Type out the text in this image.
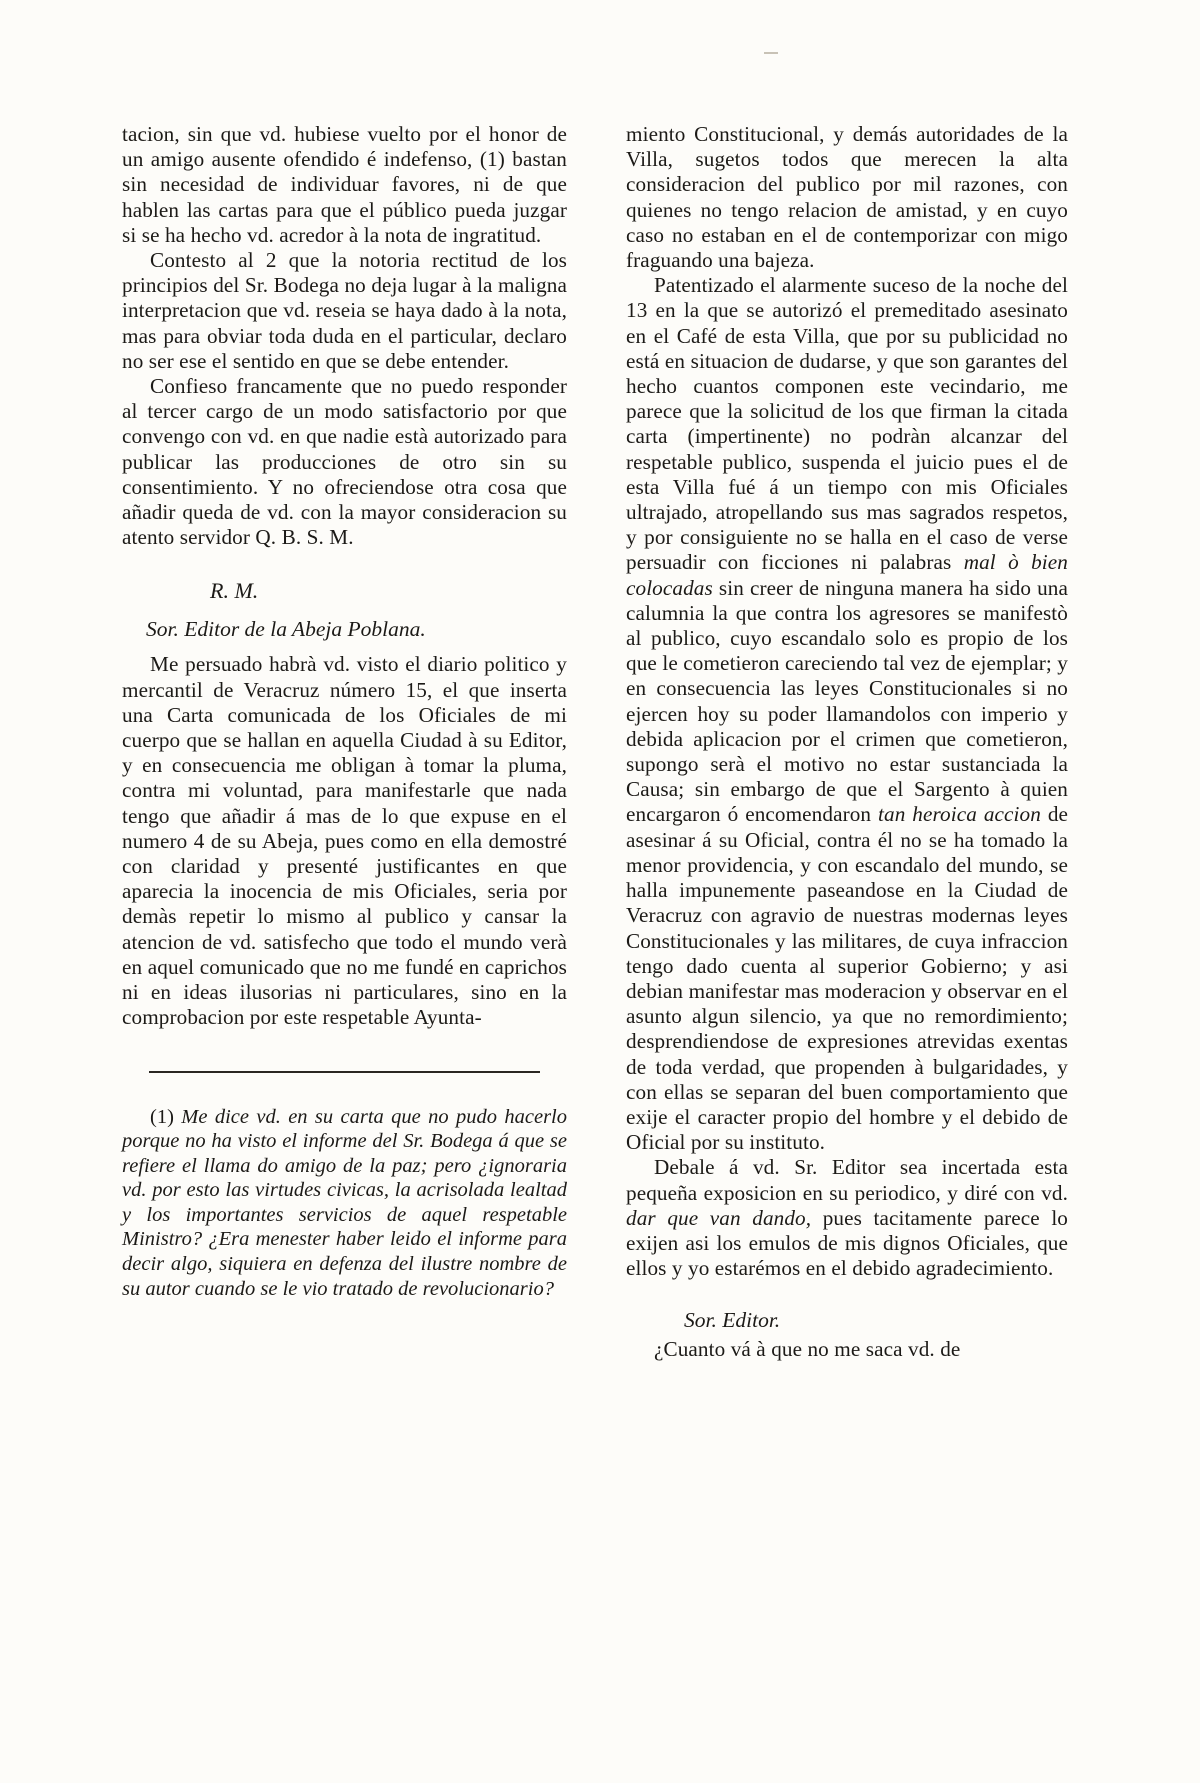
tacion, sin que vd. hubiese vuelto por el honor de un amigo ausente ofendido é indefenso, (1) bastan sin necesidad de individuar favores, ni de que hablen las cartas para que el público pueda juzgar si se ha hecho vd. acredor à la nota de ingratitud.

Contesto al 2 que la notoria rectitud de los principios del Sr. Bodega no deja lugar à la maligna interpretacion que vd. reseia se haya dado à la nota, mas para obviar toda duda en el particular, declaro no ser ese el sentido en que se debe entender.

Confieso francamente que no puedo responder al tercer cargo de un modo satisfactorio por que convengo con vd. en que nadie està autorizado para publicar las producciones de otro sin su consentimiento. Y no ofreciendose otra cosa que añadir queda de vd. con la mayor consideracion su atento servidor Q. B. S. M.

R. M.
Sor. Editor de la Abeja Poblana.

Me persuado habrà vd. visto el diario politico y mercantil de Veracruz número 15, el que inserta una Carta comunicada de los Oficiales de mi cuerpo que se hallan en aquella Ciudad à su Editor, y en consecuencia me obligan à tomar la pluma, contra mi voluntad, para manifestarle que nada tengo que añadir á mas de lo que expuse en el numero 4 de su Abeja, pues como en ella demostré con claridad y presenté justificantes en que aparecia la inocencia de mis Oficiales, seria por demàs repetir lo mismo al publico y cansar la atencion de vd. satisfecho que todo el mundo verà en aquel comunicado que no me fundé en caprichos ni en ideas ilusorias ni particulares, sino en la comprobacion por este respetable Ayunta-

(1) Me dice vd. en su carta que no pudo hacerlo porque no ha visto el informe del Sr. Bodega á que se refiere el llama do amigo de la paz; pero ¿ignoraria vd. por esto las virtudes civicas, la acrisolada lealtad y los importantes servicios de aquel respetable Ministro? ¿Era menester haber leido el informe para decir algo, siquiera en defenza del ilustre nombre de su autor cuando se le vio tratado de revolucionario?

miento Constitucional, y demás autoridades de la Villa, sugetos todos que merecen la alta consideracion del publico por mil razones, con quienes no tengo relacion de amistad, y en cuyo caso no estaban en el de contemporizar con migo fraguando una bajeza.

Patentizado el alarmente suceso de la noche del 13 en la que se autorizó el premeditado asesinato en el Café de esta Villa, que por su publicidad no está en situacion de dudarse, y que son garantes del hecho cuantos componen este vecindario, me parece que la solicitud de los que firman la citada carta (impertinente) no podràn alcanzar del respetable publico, suspenda el juicio pues el de esta Villa fué á un tiempo con mis Oficiales ultrajado, atropellando sus mas sagrados respetos, y por consiguiente no se halla en el caso de verse persuadir con ficciones ni palabras mal ò bien colocadas sin creer de ninguna manera ha sido una calumnia la que contra los agresores se manifestò al publico, cuyo escandalo solo es propio de los que le cometieron careciendo tal vez de ejemplar; y en consecuencia las leyes Constitucionales si no ejercen hoy su poder llamandolos con imperio y debida aplicacion por el crimen que cometieron, supongo serà el motivo no estar sustanciada la Causa; sin embargo de que el Sargento à quien encargaron ó encomendaron tan heroica accion de asesinar á su Oficial, contra él no se ha tomado la menor providencia, y con escandalo del mundo, se halla impunemente paseandose en la Ciudad de Veracruz con agravio de nuestras modernas leyes Constitucionales y las militares, de cuya infraccion tengo dado cuenta al superior Gobierno; y asi debian manifestar mas moderacion y observar en el asunto algun silencio, ya que no remordimiento; desprendiendose de expresiones atrevidas exentas de toda verdad, que propenden à bulgaridades, y con ellas se separan del buen comportamiento que exije el caracter propio del hombre y el debido de Oficial por su instituto.

Debale á vd. Sr. Editor sea incertada esta pequeña exposicion en su periodico, y diré con vd. dar que van dando, pues tacitamente parece lo exijen asi los emulos de mis dignos Oficiales, que ellos y yo estarémos en el debido agradecimiento.

Sor. Editor.

¿Cuanto vá à que no me saca vd. de
